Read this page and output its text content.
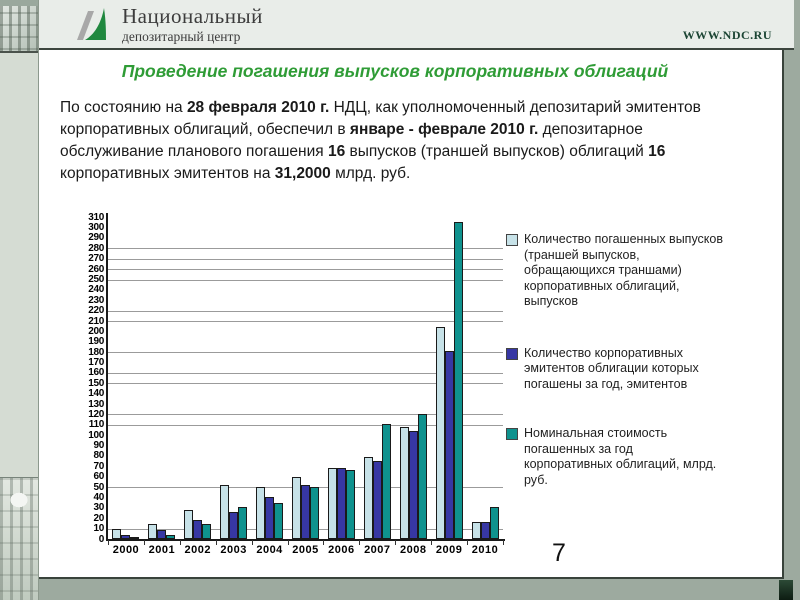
Национальный
депозитарный центр	WWW.NDC.RU
Проведение погашения выпусков корпоративных облигаций
По состоянию на 28 февраля 2010 г. НДЦ, как уполномоченный депозитарий эмитентов корпоративных облигаций, обеспечил в январе - феврале 2010 г. депозитарное обслуживание планового погашения 16 выпусков (траншей выпусков) облигаций 16 корпоративных эмитентов на 31,2000 млрд. руб.
0
10
20
30
40
50
60
70
80
90
100
110
120
130
140
150
160
170
180
190
200
210
220
230
240
250
260
270
280
290
300
310
2000 2001 2002 2003 2004 2005 2006 2007 2008 2009 2010
Количество погашенных выпусков (траншей выпусков, обращающихся траншами) корпоративных облигаций, выпусков
Количество корпоративных эмитентов облигации которых погашены за год, эмитентов
Номинальная стоимость погашенных за год корпоративных облигаций, млрд. руб.
7
